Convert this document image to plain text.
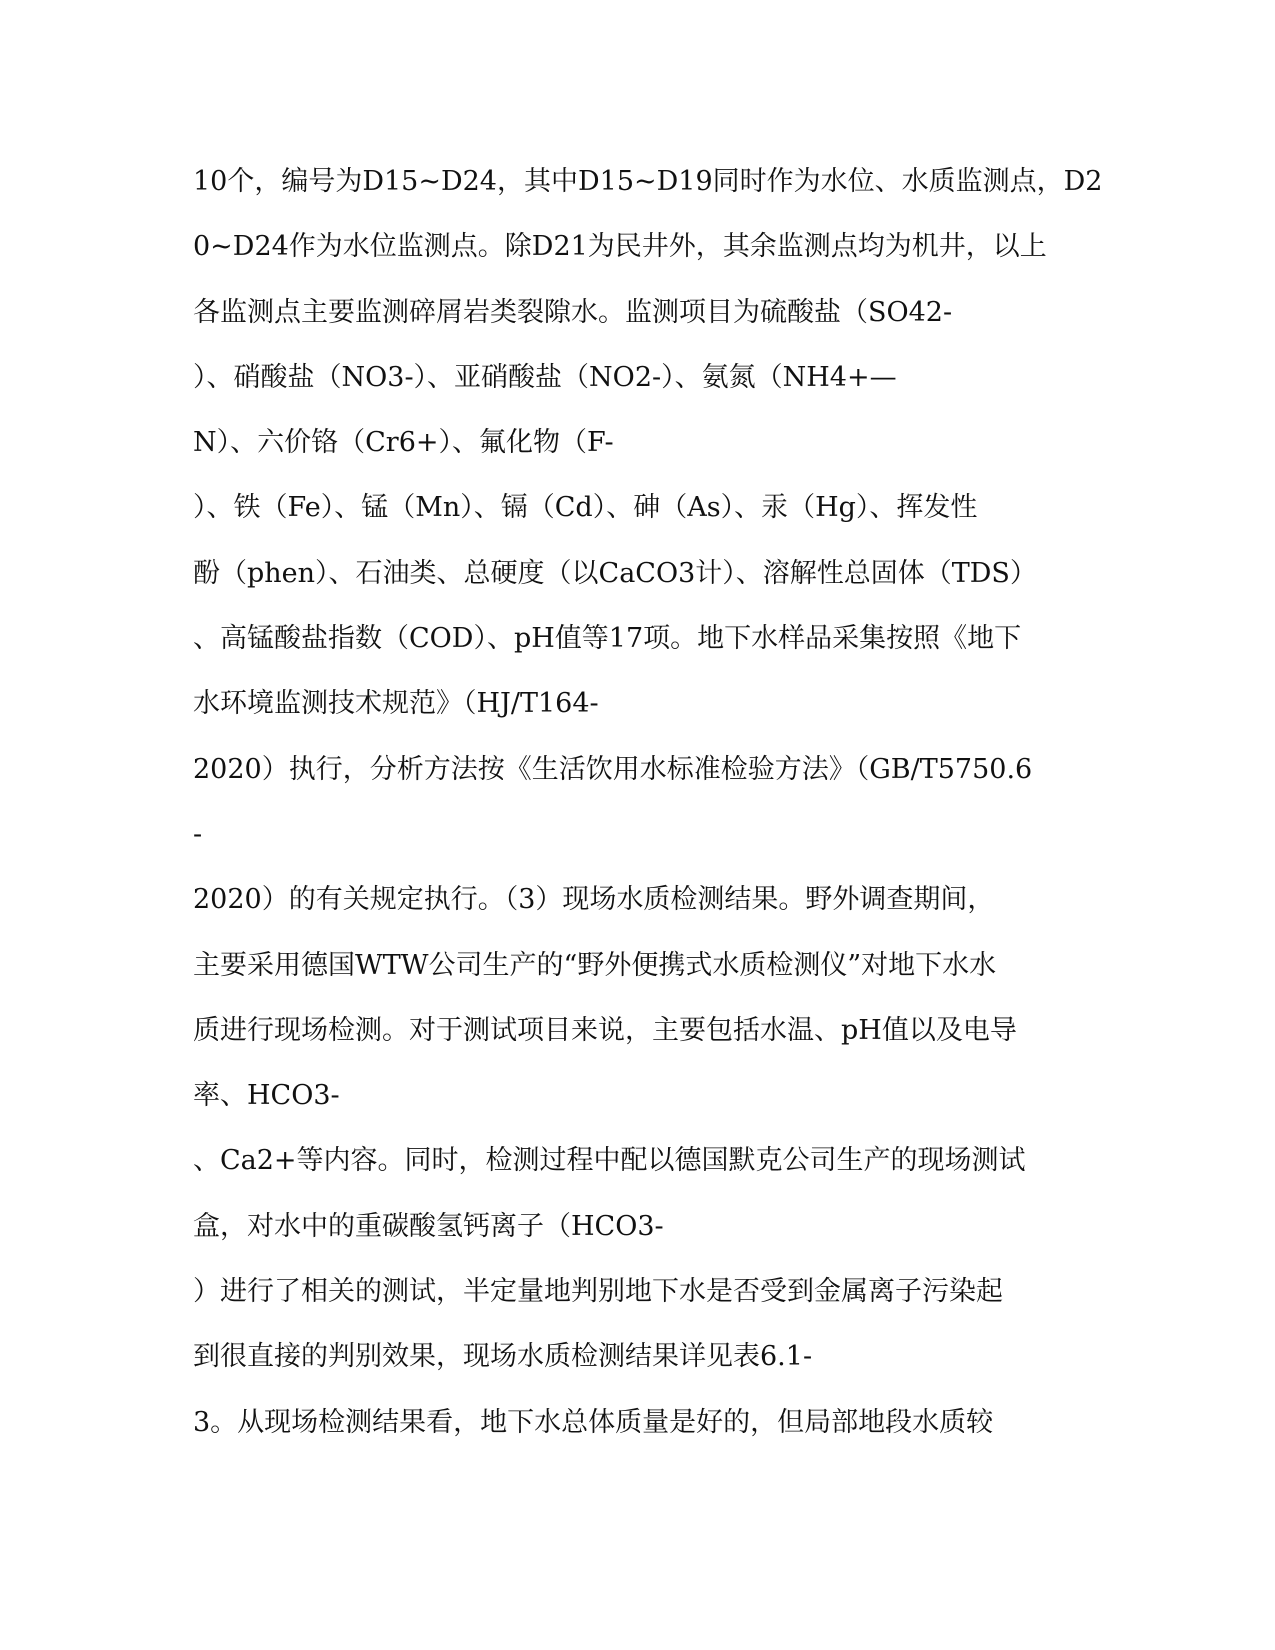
10个，编号为D15~D24，其中D15~D19同时作为水位、水质监测点，D2
0~D24作为水位监测点。除D21为民井外，其余监测点均为机井，以上
各监测点主要监测碎屑岩类裂隙水。监测项目为硫酸盐（SO42-
）、硝酸盐（NO3-）、亚硝酸盐（NO2-）、氨氮（NH4+—
N）、六价铬（Cr6+）、氟化物（F-
）、铁（Fe）、锰（Mn）、镉（Cd）、砷（As）、汞（Hg）、挥发性
酚（phen）、石油类、总硬度（以CaCO3计）、溶解性总固体（TDS）
、高锰酸盐指数（COD）、pH值等17项。地下水样品采集按照《地下
水环境监测技术规范》（HJ/T164-
2020）执行，分析方法按《生活饮用水标准检验方法》（GB/T5750.6
-
2020）的有关规定执行。（3）现场水质检测结果。野外调查期间，
主要采用德国WTW公司生产的“野外便携式水质检测仪”对地下水水
质进行现场检测。对于测试项目来说，主要包括水温、pH值以及电导
率、HCO3-
、Ca2+等内容。同时，检测过程中配以德国默克公司生产的现场测试
盒，对水中的重碳酸氢钙离子（HCO3-
）进行了相关的测试，半定量地判别地下水是否受到金属离子污染起
到很直接的判别效果，现场水质检测结果详见表6.1-
3。从现场检测结果看，地下水总体质量是好的，但局部地段水质较
